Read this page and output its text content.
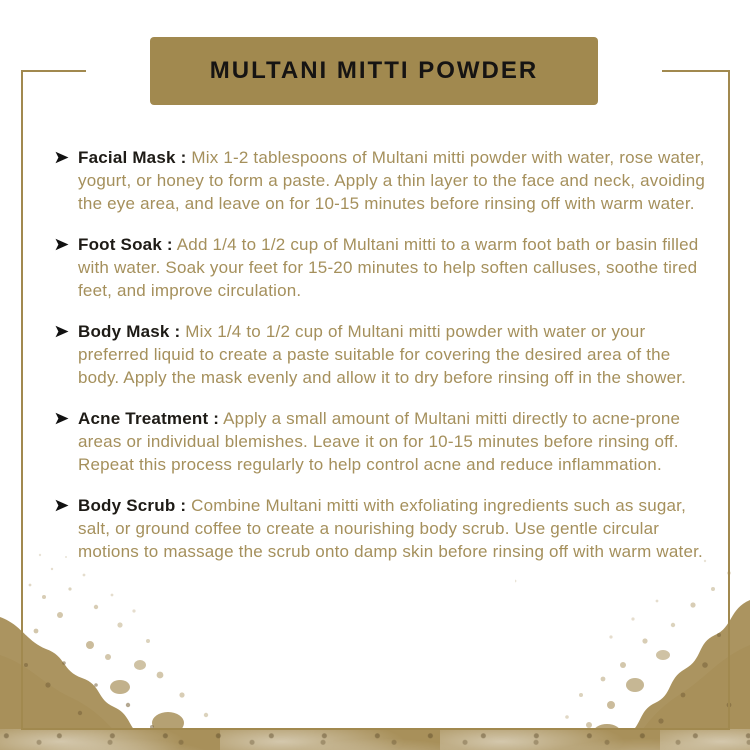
MULTANI MITTI POWDER

Facial Mask : Mix 1-2 tablespoons of Multani mitti powder with water, rose water, yogurt, or honey to form a paste. Apply a thin layer to the face and neck, avoiding the eye area, and leave on for 10-15 minutes before rinsing off with warm water.

Foot Soak : Add 1/4 to 1/2 cup of Multani mitti to a warm foot bath or basin filled with water. Soak your feet for 15-20 minutes to help soften calluses, soothe tired feet, and improve circulation.

Body Mask : Mix 1/4 to 1/2 cup of Multani mitti powder with water or your preferred liquid to create a paste suitable for covering the desired area of the body. Apply the mask evenly and allow it to dry before rinsing off in the shower.

Acne Treatment : Apply a small amount of Multani mitti directly to acne-prone areas or individual blemishes. Leave it on for 10-15 minutes before rinsing off. Repeat this process regularly to help control acne and reduce inflammation.

Body Scrub : Combine Multani mitti with exfoliating ingredients such as sugar, salt, or ground coffee to create a nourishing body scrub. Use gentle circular motions to massage the scrub onto damp skin before rinsing off with warm water.
